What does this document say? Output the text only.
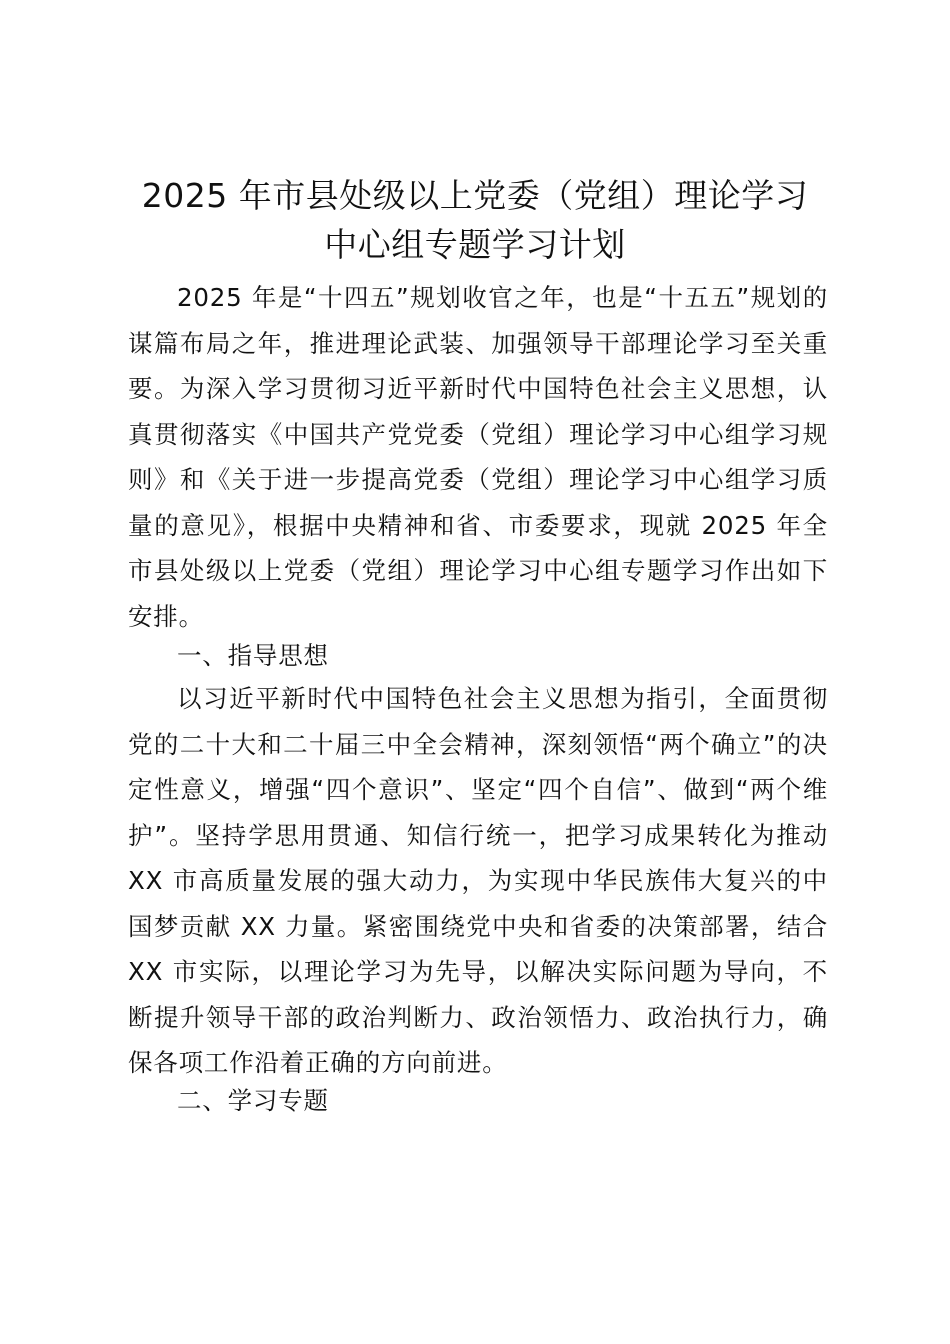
2025 年市县处级以上党委（党组）理论学习
中心组专题学习计划

2025 年是“十四五”规划收官之年，也是“十五五”规划的谋篇布局之年，推进理论武装、加强领导干部理论学习至关重要。为深入学习贯彻习近平新时代中国特色社会主义思想，认真贯彻落实《中国共产党党委（党组）理论学习中心组学习规则》和《关于进一步提高党委（党组）理论学习中心组学习质量的意见》，根据中央精神和省、市委要求，现就 2025 年全市县处级以上党委（党组）理论学习中心组专题学习作出如下安排。

一、指导思想

以习近平新时代中国特色社会主义思想为指引，全面贯彻党的二十大和二十届三中全会精神，深刻领悟“两个确立”的决定性意义，增强“四个意识”、坚定“四个自信”、做到“两个维护”。坚持学思用贯通、知信行统一，把学习成果转化为推动 XX 市高质量发展的强大动力，为实现中华民族伟大复兴的中国梦贡献 XX 力量。紧密围绕党中央和省委的决策部署，结合 XX 市实际，以理论学习为先导，以解决实际问题为导向，不断提升领导干部的政治判断力、政治领悟力、政治执行力，确保各项工作沿着正确的方向前进。

二、学习专题
